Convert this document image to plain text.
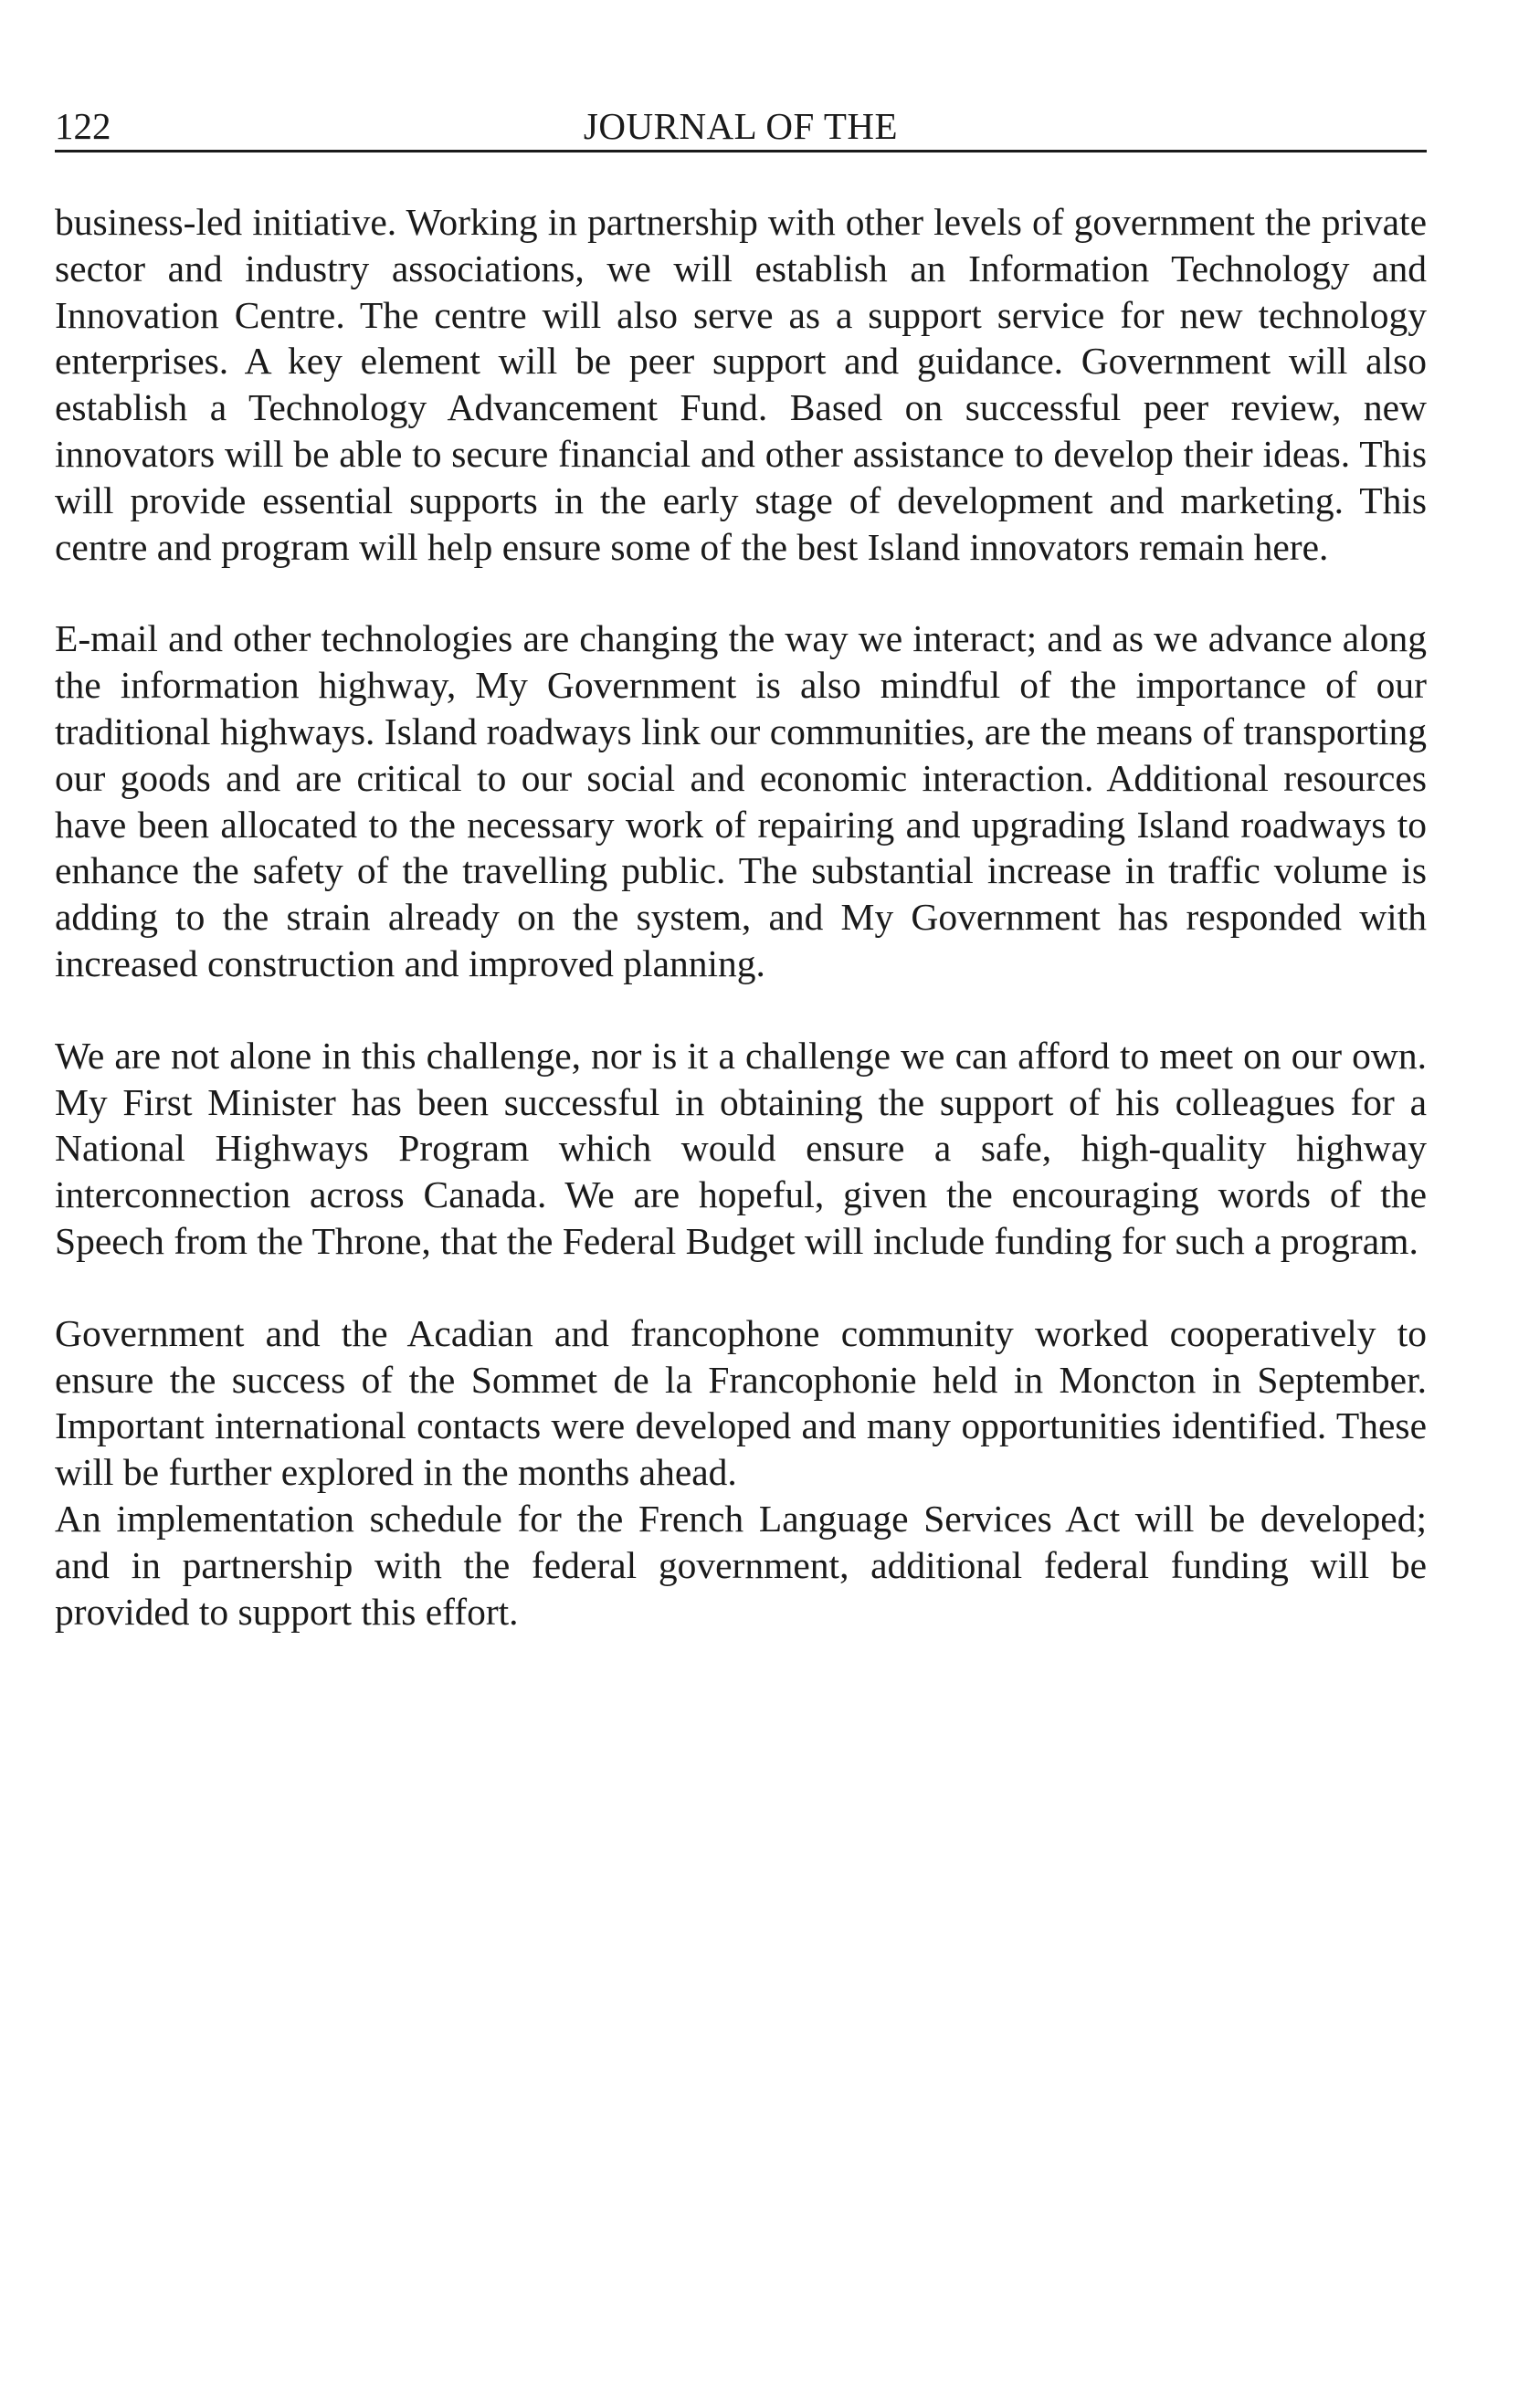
122	JOURNAL OF THE

business-led initiative. Working in partnership with other levels of government the private sector and industry associations, we will establish an Information Technology and Innovation Centre. The centre will also serve as a support service for new technology enterprises. A key element will be peer support and guidance. Government will also establish a Technology Advancement Fund. Based on successful peer review, new innovators will be able to secure financial and other assistance to develop their ideas. This will provide essential supports in the early stage of development and marketing. This centre and program will help ensure some of the best Island innovators remain here.

E-mail and other technologies are changing the way we interact; and as we advance along the information highway, My Government is also mindful of the importance of our traditional highways. Island roadways link our communities, are the means of transporting our goods and are critical to our social and economic interaction. Additional resources have been allocated to the necessary work of repairing and upgrading Island roadways to enhance the safety of the travelling public. The substantial increase in traffic volume is adding to the strain already on the system, and My Government has responded with increased construction and improved planning.

We are not alone in this challenge, nor is it a challenge we can afford to meet on our own. My First Minister has been successful in obtaining the support of his colleagues for a National Highways Program which would ensure a safe, high-quality highway interconnection across Canada. We are hopeful, given the encouraging words of the Speech from the Throne, that the Federal Budget will include funding for such a program.

Government and the Acadian and francophone community worked cooperatively to ensure the success of the Sommet de la Francophonie held in Moncton in September. Important international contacts were developed and many opportunities identified. These will be further explored in the months ahead.

An implementation schedule for the French Language Services Act will be developed; and in partnership with the federal government, additional federal funding will be provided to support this effort.
